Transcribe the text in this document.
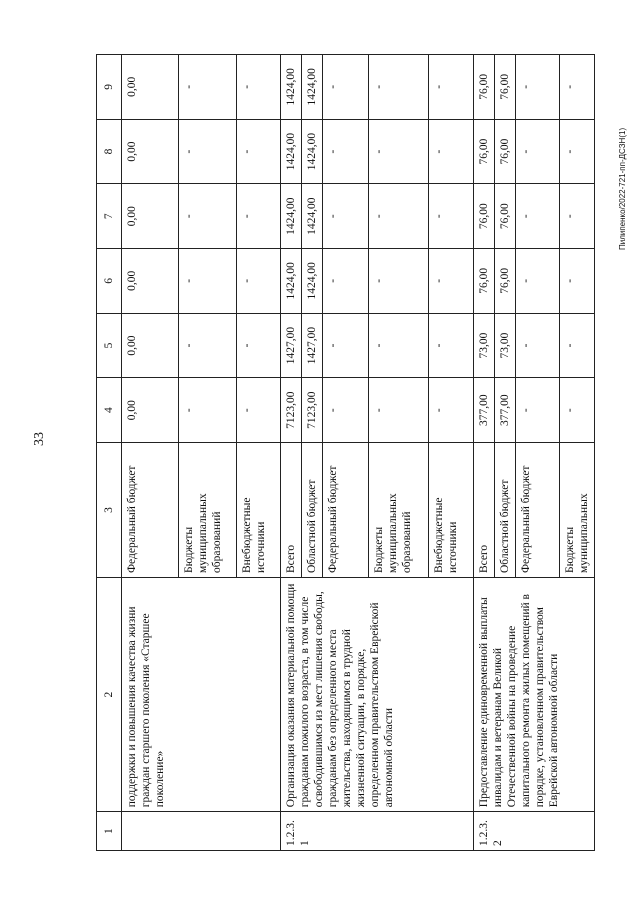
33
Пилипенко/2022-721-пп-ДСЗН(1)
1	2	3	4	5	6	7	8	9
	поддержки и повышения качества жизни граждан старшего поколения «Старшее поколение»	Федеральный бюджет	0,00	0,00	0,00	0,00	0,00	0,00
		Бюджеты муниципальных образований	-	-	-	-	-	-
		Внебюджетные источники	-	-	-	-	-	-
1.2.3. 1	Организация оказания материальной помощи гражданам пожилого возраста, в том числе освободившимся из мест лишения свободы, гражданам без определенного места жительства, находящимся в трудной жизненной ситуации, в порядке, определенном правительством Еврейской автономной области	Всего	7123,00	1427,00	1424,00	1424,00	1424,00	1424,00
		Областной бюджет	7123,00	1427,00	1424,00	1424,00	1424,00	1424,00
		Федеральный бюджет	-	-	-	-	-	-
		Бюджеты муниципальных образований	-	-	-	-	-	-
		Внебюджетные источники	-	-	-	-	-	-
1.2.3. 2	Предоставление единовременной выплаты инвалидам и ветеранам Великой Отечественной войны на проведение капитального ремонта жилых помещений в порядке, установленном правительством Еврейской автономной области	Всего	377,00	73,00	76,00	76,00	76,00	76,00
		Областной бюджет	377,00	73,00	76,00	76,00	76,00	76,00
		Федеральный бюджет	-	-	-	-	-	-
		Бюджеты муниципальных	-	-	-	-	-	-
